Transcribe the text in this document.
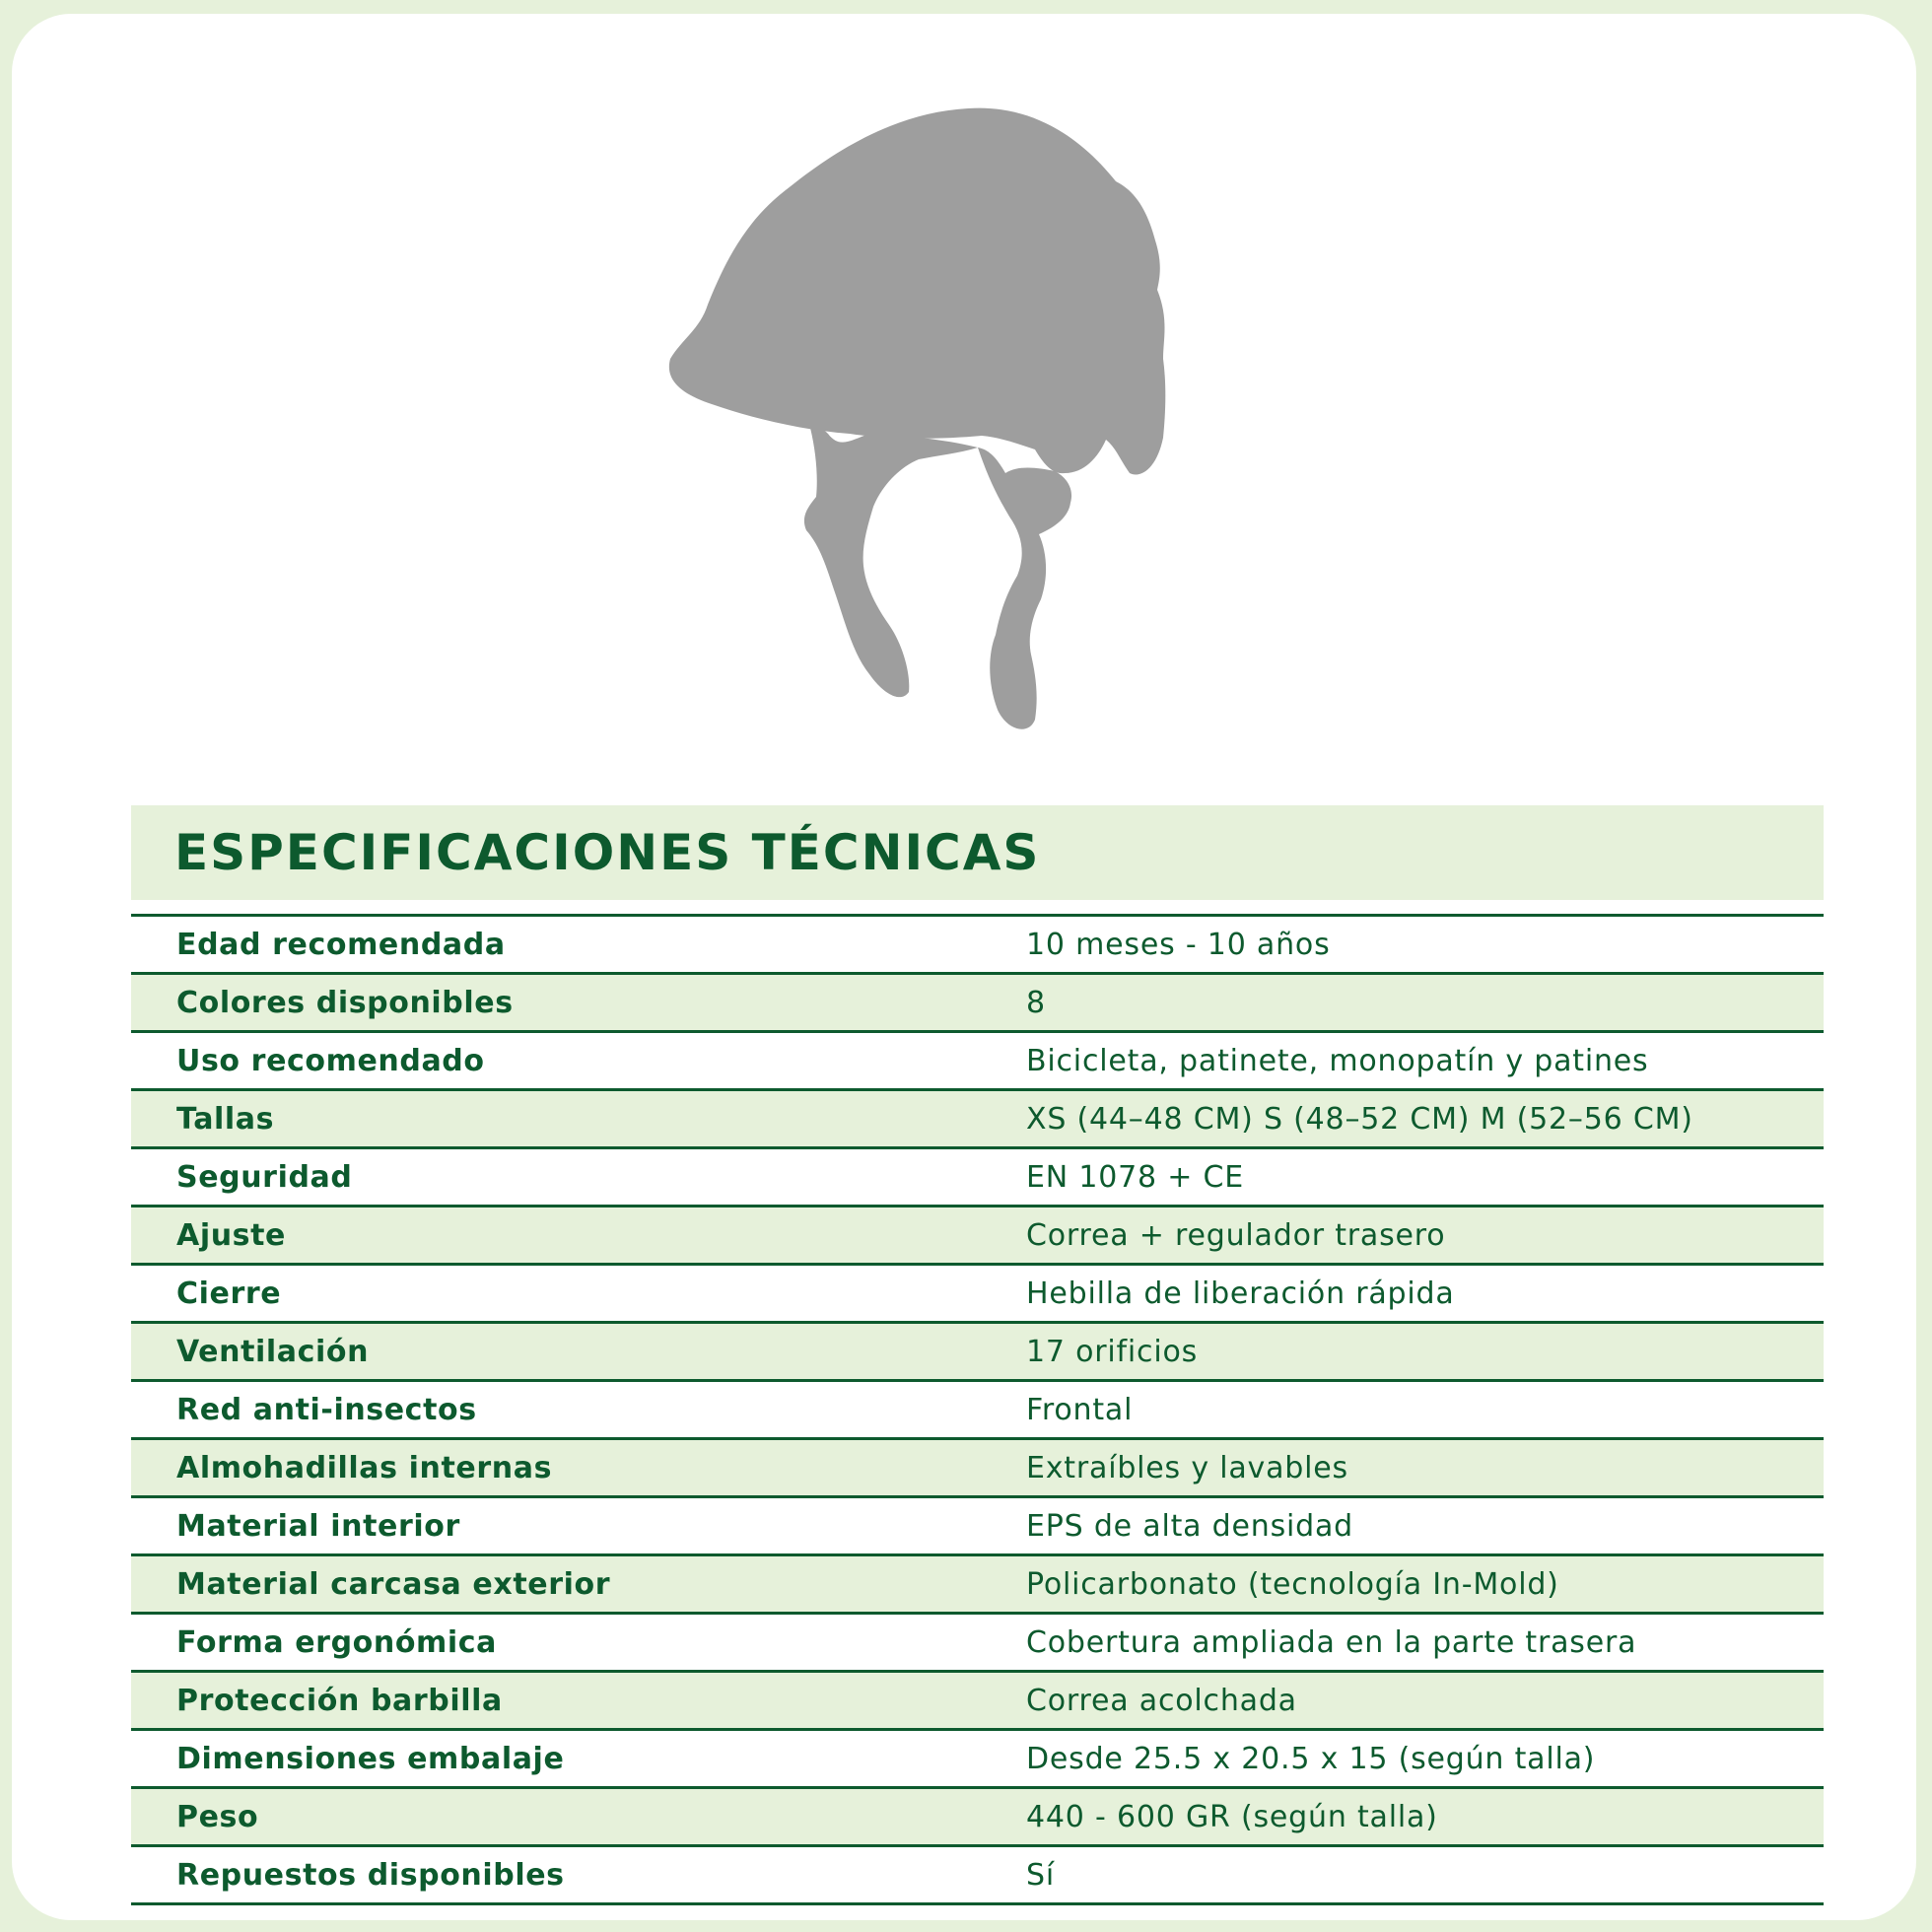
ESPECIFICACIONES TÉCNICAS
Edad recomendada	10 meses - 10 años
Colores disponibles	8
Uso recomendado	Bicicleta, patinete, monopatín y patines
Tallas	XS (44–48 CM) S (48–52 CM) M (52–56 CM)
Seguridad	EN 1078 + CE
Ajuste	Correa + regulador trasero
Cierre	Hebilla de liberación rápida
Ventilación	17 orificios
Red anti-insectos	Frontal
Almohadillas internas	Extraíbles y lavables
Material interior	EPS de alta densidad
Material carcasa exterior	Policarbonato (tecnología In-Mold)
Forma ergonómica	Cobertura ampliada en la parte trasera
Protección barbilla	Correa acolchada
Dimensiones embalaje	Desde 25.5 x 20.5 x 15 (según talla)
Peso	440 - 600 GR (según talla)
Repuestos disponibles	Sí
